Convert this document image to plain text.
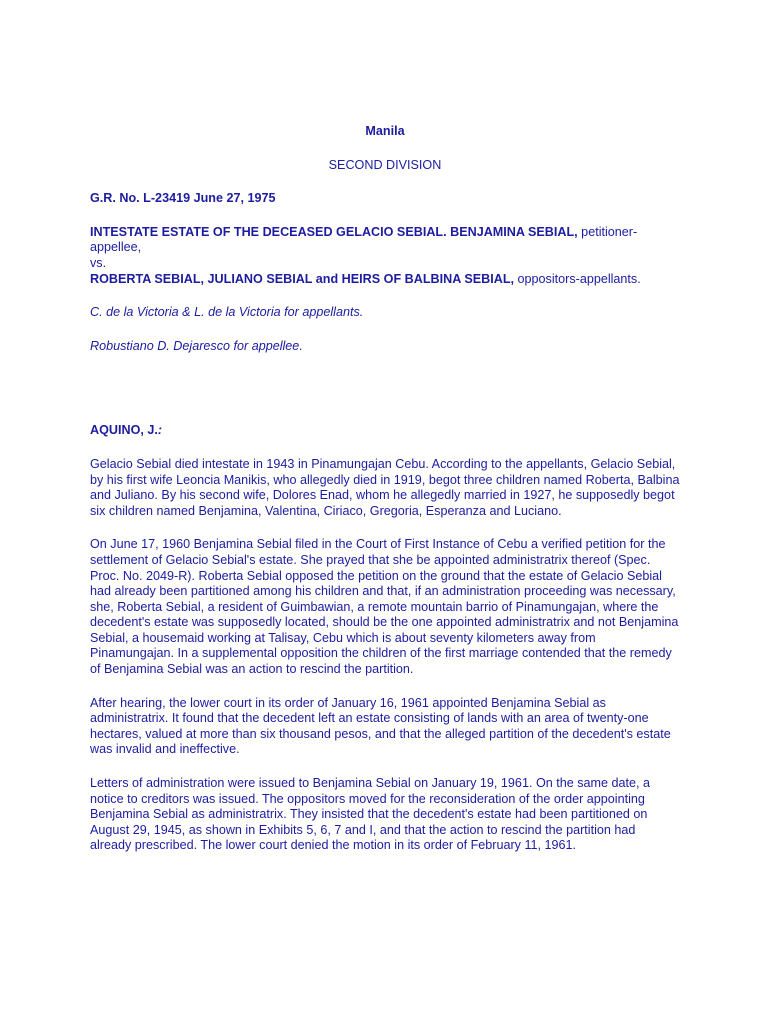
Manila

SECOND DIVISION

G.R. No. L-23419 June 27, 1975

INTESTATE ESTATE OF THE DECEASED GELACIO SEBIAL. BENJAMINA SEBIAL, petitioner-appellee,

vs.

ROBERTA SEBIAL, JULIANO SEBIAL and HEIRS OF BALBINA SEBIAL, oppositors-appellants.

C. de la Victoria & L. de la Victoria for appellants.

Robustiano D. Dejaresco for appellee.

AQUINO, J.:

Gelacio Sebial died intestate in 1943 in Pinamungajan Cebu. According to the appellants, Gelacio Sebial, by his first wife Leoncia Manikis, who allegedly died in 1919, begot three children named Roberta, Balbina and Juliano. By his second wife, Dolores Enad, whom he allegedly married in 1927, he supposedly begot six children named Benjamina, Valentina, Ciriaco, Gregoria, Esperanza and Luciano.

On June 17, 1960 Benjamina Sebial filed in the Court of First Instance of Cebu a verified petition for the settlement of Gelacio Sebial's estate. She prayed that she be appointed administratrix thereof (Spec. Proc. No. 2049-R). Roberta Sebial opposed the petition on the ground that the estate of Gelacio Sebial had already been partitioned among his children and that, if an administration proceeding was necessary, she, Roberta Sebial, a resident of Guimbawian, a remote mountain barrio of Pinamungajan, where the decedent's estate was supposedly located, should be the one appointed administratrix and not Benjamina Sebial, a housemaid working at Talisay, Cebu which is about seventy kilometers away from Pinamungajan. In a supplemental opposition the children of the first marriage contended that the remedy of Benjamina Sebial was an action to rescind the partition.

After hearing, the lower court in its order of January 16, 1961 appointed Benjamina Sebial as administratrix. It found that the decedent left an estate consisting of lands with an area of twenty-one hectares, valued at more than six thousand pesos, and that the alleged partition of the decedent's estate was invalid and ineffective.

Letters of administration were issued to Benjamina Sebial on January 19, 1961. On the same date, a notice to creditors was issued. The oppositors moved for the reconsideration of the order appointing Benjamina Sebial as administratrix. They insisted that the decedent's estate had been partitioned on August 29, 1945, as shown in Exhibits 5, 6, 7 and I, and that the action to rescind the partition had already prescribed. The lower court denied the motion in its order of February 11, 1961.
